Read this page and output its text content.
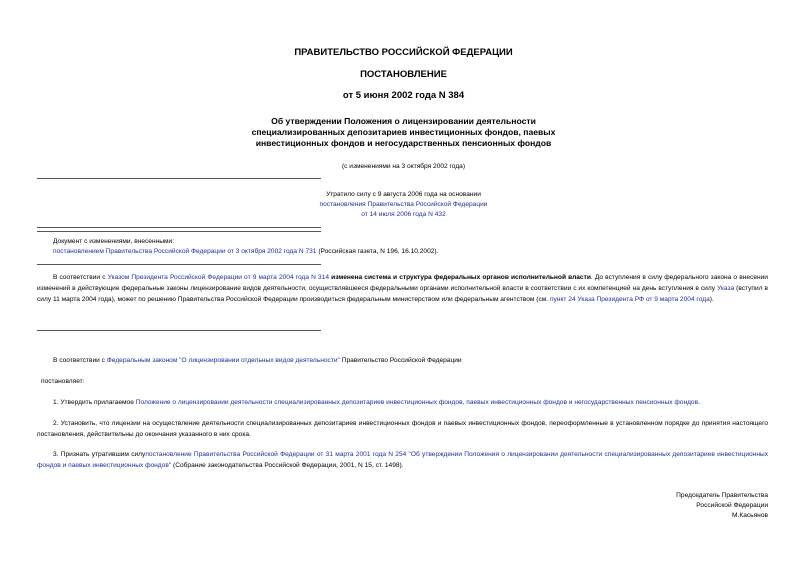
ПРАВИТЕЛЬСТВО РОССИЙСКОЙ ФЕДЕРАЦИИ
ПОСТАНОВЛЕНИЕ
от 5 июня 2002 года N 384
Об утверждении Положения о лицензировании деятельности
специализированных депозитариев инвестиционных фондов, паевых
инвестиционных фондов и негосударственных пенсионных фондов
(с изменениями на 3 октября 2002 года)
Утратило силу с 9 августа 2006 года на основании
постановления Правительства Российской Федерации
от 14 июля 2006 года N 432
Документ с изменениями, внесенными:
постановлением Правительства Российской Федерации от 3 октября 2002 года N 731 (Российская газета, N 196, 16.10.2002).
В соответствии с Указом Президента Российской Федерации от 9 марта 2004 года N 314 изменена система и структура федеральных органов исполнительной власти. До вступления в силу федерального закона о внесении изменений в действующие федеральные законы лицензирование видов деятельности, осуществлявшееся федеральными органами исполнительной власти в соответствии с их компетенцией на день вступления в силу Указа (вступил в силу 11 марта 2004 года), может по решению Правительства Российской Федерации производиться федеральным министерством или федеральным агентством (см. пункт 24 Указа Президента РФ от 9 марта 2004 года).
В соответствии с Федеральным законом "О лицензировании отдельных видов деятельности" Правительство Российской Федерации
постановляет:
1. Утвердить прилагаемое Положение о лицензировании деятельности специализированных депозитариев инвестиционных фондов, паевых инвестиционных фондов и негосударственных пенсионных фондов.
2. Установить, что лицензии на осуществление деятельности специализированных депозитариев инвестиционных фондов и паевых инвестиционных фондов, переоформленные в установленном порядке до принятия настоящего постановления, действительны до окончания указанного в них срока.
3. Признать утратившим силупостановление Правительства Российской Федерации от 31 марта 2001 года N 254 "Об утверждении Положения о лицензировании деятельности специализированных депозитариев инвестиционных фондов и паевых инвестиционных фондов" (Собрание законодательства Российской Федерации, 2001, N 15, ст. 1498).
Председатель Правительства
Российской Федерации
М.Касьянов
